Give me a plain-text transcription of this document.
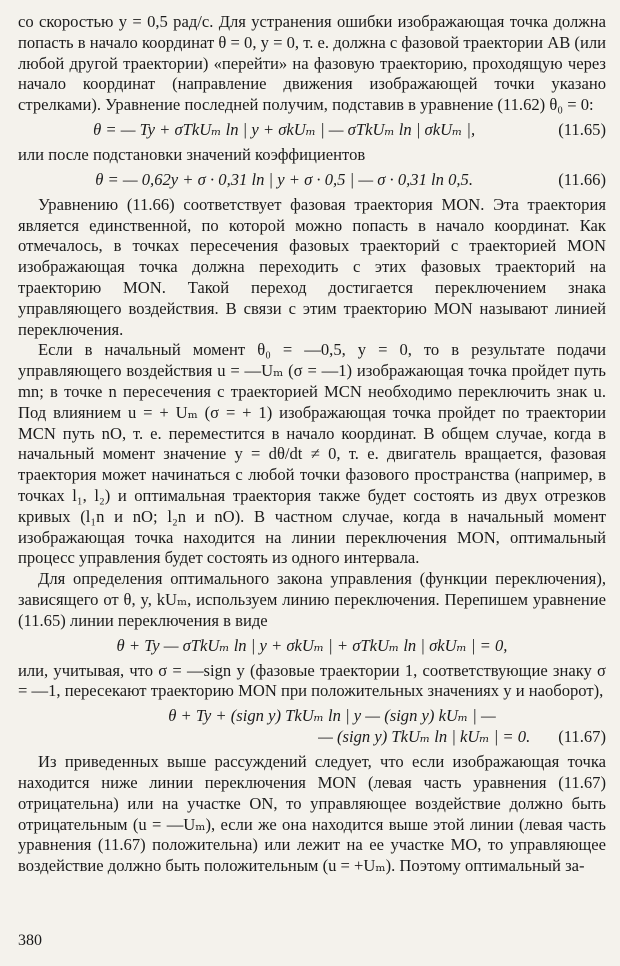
со скоростью y = 0,5 рад/с. Для устранения ошибки изображающая точка должна попасть в начало координат θ = 0, y = 0, т. е. должна с фазовой траектории AB (или любой другой траектории) «перейти» на фазовую траекторию, проходящую через начало координат (направление движения изображающей точки указано стрелками). Уравнение последней получим, подставив в уравнение (11.62) θ₀ = 0:

θ = — Ty + σTkUₘ ln | y + σkUₘ | — σTkUₘ ln | σkUₘ |,	(11.65)

или после подстановки значений коэффициентов

θ = — 0,62y + σ · 0,31 ln | y + σ · 0,5 | — σ · 0,31 ln 0,5.	(11.66)

Уравнению (11.66) соответствует фазовая траектория MON. Эта траектория является единственной, по которой можно попасть в начало координат. Как отмечалось, в точках пересечения фазовых траекторий с траекторией MON изображающая точка должна переходить с этих фазовых траекторий на траекторию MON. Такой переход достигается переключением знака управляющего воздействия. В связи с этим траекторию MON называют линией переключения.

Если в начальный момент θ₀ = —0,5, y = 0, то в результате подачи управляющего воздействия u = —Uₘ (σ = —1) изображающая точка пройдет путь mn; в точке n пересечения с траекторией MCN необходимо переключить знак u. Под влиянием u = + Uₘ (σ = + 1) изображающая точка пройдет по траектории MCN путь nO, т. е. переместится в начало координат. В общем случае, когда в начальный момент значение y = dθ/dt ≠ 0, т. е. двигатель вращается, фазовая траектория может начинаться с любой точки фазового пространства (например, в точках l₁, l₂) и оптимальная траектория также будет состоять из двух отрезков кривых (l₁n и nO; l₂n и nO). В частном случае, когда в начальный момент изображающая точка находится на линии переключения MON, оптимальный процесс управления будет состоять из одного интервала.

Для определения оптимального закона управления (функции переключения), зависящего от θ, y, kUₘ, используем линию переключения. Перепишем уравнение (11.65) линии переключения в виде

θ + Ty — σTkUₘ ln | y + σkUₘ | + σTkUₘ ln | σkUₘ | = 0,

или, учитывая, что σ = —sign y (фазовые траектории 1, соответствующие знаку σ = —1, пересекают траекторию MON при положительных значениях y и наоборот),

θ + Ty + (sign y) TkUₘ ln | y — (sign y) kUₘ | —
— (sign y) TkUₘ ln | kUₘ | = 0.	(11.67)

Из приведенных выше рассуждений следует, что если изображающая точка находится ниже линии переключения MON (левая часть уравнения (11.67) отрицательна) или на участке ON, то управляющее воздействие должно быть отрицательным (u = —Uₘ), если же она находится выше этой линии (левая часть уравнения (11.67) положительна) или лежит на ее участке MO, то управляющее воздействие должно быть положительным (u = +Uₘ). Поэтому оптимальный за-

380
